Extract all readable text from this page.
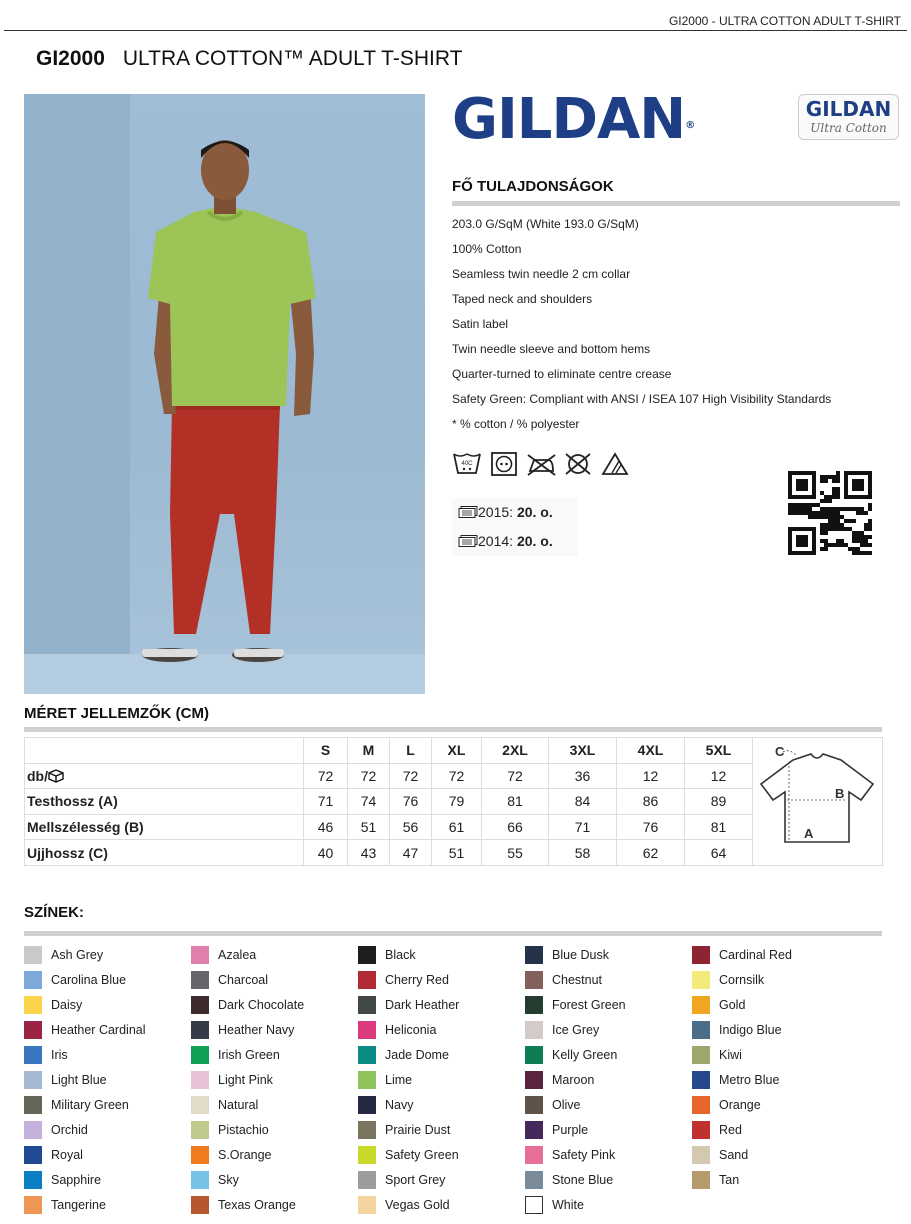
GI2000 - ULTRA COTTON ADULT T-SHIRT
GI2000 ULTRA COTTON™ ADULT T-SHIRT
GILDAN®
GILDAN
Ultra Cotton
FŐ TULAJDONSÁGOK
203.0 G/SqM (White 193.0 G/SqM)
100% Cotton
Seamless twin needle 2 cm collar
Taped neck and shoulders
Satin label
Twin needle sleeve and bottom hems
Quarter-turned to eliminate centre crease
Safety Green: Compliant with ANSI / ISEA 107 High Visibility Standards
* % cotton / % polyester
40C
2015: 20. o.
2014: 20. o.
MÉRET JELLEMZŐK (CM)
	S	M	L	XL	2XL	3XL	4XL	5XL	C
B
A

db/	72	72	72	72	72	36	12	12	
Testhossz (A)	71	74	76	79	81	84	86	89	
Mellszélesség (B)	46	51	56	61	66	71	76	81	
Ujjhossz (C)	40	43	47	51	55	58	62	64	
SZÍNEK:
Ash Grey
Carolina Blue
Daisy
Heather Cardinal
Iris
Light Blue
Military Green
Orchid
Royal
Sapphire
Tangerine
Azalea
Charcoal
Dark Chocolate
Heather Navy
Irish Green
Light Pink
Natural
Pistachio
S.Orange
Sky
Texas Orange
Black
Cherry Red
Dark Heather
Heliconia
Jade Dome
Lime
Navy
Prairie Dust
Safety Green
Sport Grey
Vegas Gold
Blue Dusk
Chestnut
Forest Green
Ice Grey
Kelly Green
Maroon
Olive
Purple
Safety Pink
Stone Blue
White
Cardinal Red
Cornsilk
Gold
Indigo Blue
Kiwi
Metro Blue
Orange
Red
Sand
Tan
